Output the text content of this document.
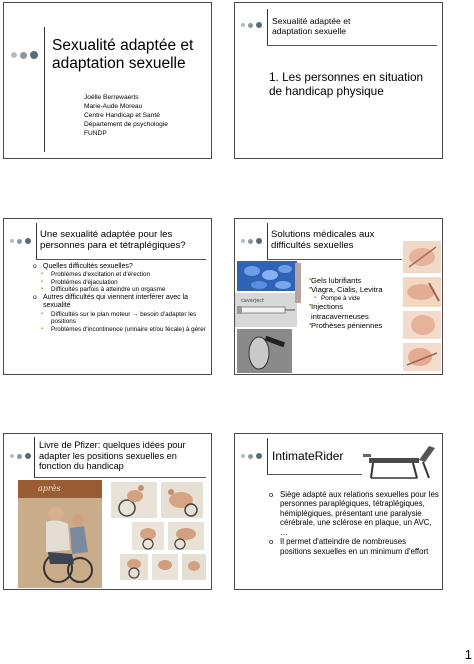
Sexualité adaptée et adaptation sexuelle
Joëlle Berrewaerts
Marie-Aude Moreau
Centre Handicap et Santé
Département de psychologie
FUNDP
Sexualité adaptée et adaptation sexuelle
1. Les personnes en situation de handicap physique
Une sexualité adaptée pour les personnes para et tétraplégiques?
o Quelles difficultés sexuelles?
▪ Problèmes d'excitation et d'érection
▪ Problèmes d'éjaculation
▪ Difficultés parfois à atteindre un orgasme
o Autres difficultés qui viennent interférer avec la sexualité
▪ Difficultés sur le plan moteur → besoin d'adapter les positions
▪ Problèmes d'incontinence (urinaire et/ou fécale) à gérer
Solutions médicales aux difficultés sexuelles
caverject
▪ Gels lubrifiants
▪ Viagra, Cialis, Levitra
▪ Pompe à vide
▪ Injections intracaverneuses
▪ Prothèses péniennes
Livre de Pfizer: quelques idées pour adapter les positions sexuelles en fonction du handicap
après
IntimateRider
o Siège adapté aux relations sexuelles pour les personnes paraplégiques, tétraplégiques, hémiplégiques, présentant une paralysie cérébrale, une sclérose en plaque, un AVC, …
o Il permet d'atteindre de nombreuses positions sexuelles en un minimum d'effort
1
